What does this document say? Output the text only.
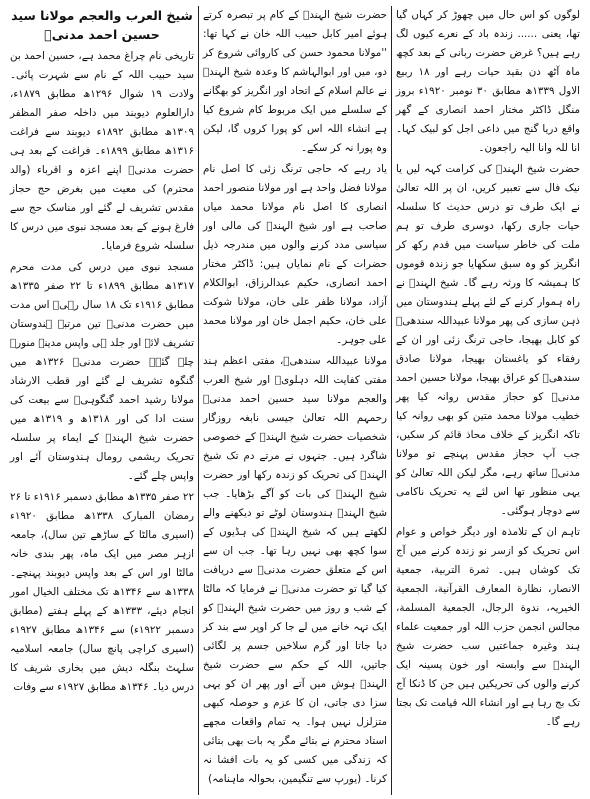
لوگوں کو اس حال میں چھوڑ کر کہاں گیا تھا، یعنی ...... زندہ باد کے نعرے کیوں لگ رہے ہیں؟ غرض حضرت ربانی کے بعد کچھ ماہ آٹھ دن بقید حیات رہے اور ۱۸ ربیع الاول ۱۳۳۹ھ مطابق ۳۰ نومبر ۱۹۲۰ء بروز منگل ڈاکٹر مختار احمد انصاری کے گھر واقع دریا گنج میں داعی اجل کو لبیک کہا۔ انا للہ وانا الیہ راجعون۔

حضرت شیخ الہندؒ کی کرامت کہہ لیں یا نیک فال سے تعبیر کریں، ان پر اللہ تعالیٰ نے ایک طرف تو درس حدیث کا سلسلہ حیات جاری رکھا، دوسری طرف تو ہم ملت کی خاطر سیاست میں قدم رکھ کر انگریز کو وہ سبق سکھایا جو زندہ قوموں کا ہمیشہ کا ورثہ رہے گا۔ شیخ الہندؒ نے راہ ہموار کرنے کے لئے پہلے ہندوستان میں ذہن سازی کی پھر مولانا عبیداللہ سندھیؒ کو کابل بھیجا، حاجی ترنگ زئی اور ان کے رفقاء کو یاغستان بھیجا، مولانا صادق سندھیؒ کو عراق بھیجا، مولانا حسین احمد مدنیؒ کو حجاز مقدس روانہ کیا پھر خطیب مولانا محمد متین کو بھی روانہ کیا تاکہ انگریز کے خلاف محاذ قائم کر سکیں، جب آپ حجاز مقدس پہنچے تو مولانا مدنیؒ ساتھ رہے، مگر لیکن اللہ تعالیٰ کو یہی منظور تھا اس لئے یہ تحریک ناکامی سے دوچار ہوگئی۔

تاہم ان کے تلامذہ اور دیگر خواص و عوام اس تحریک کو ازسر نو زندہ کرنے میں آج تک کوشاں ہیں۔ ثمرة التربیة، جمعیة الانصار، نظارة المعارف القرآنیة، الجمعیة الخیریہ، ندوة الرجال، الجمعیة المسلمة، مجالس انجمن حزب اللہ اور جمعیت علماء ہند وغیرہ جماعتیں سب حضرت شیخ الہندؒ سے وابستہ اور خون پسینہ ایک کرنے والوں کی تحریکیں ہیں جن کا ڈنکا آج تک بج رہا ہے اور انشاء اللہ قیامت تک بجتا رہے گا۔

حضرت شیخ الہندؒ کے کام پر تبصرہ کرتے ہوئے امیر کابل حبیب اللہ خان نے کہا تھا: ''مولانا محمود حسن کی کاروائی شروع کر دو، میں اور ابوالہاشم کا وعدہ شیخ الہندؒ نے عالم اسلام کے اتحاد اور انگریز کو بھگانے کے سلسلے میں ایک مربوط کام شروع کیا ہے انشاء اللہ اس کو پورا کروں گا، لیکن وہ پورا نہ کر سکے۔

یاد رہے کہ حاجی ترنگ زئی کا اصل نام مولانا فضل واحد ہے اور مولانا منصور احمد انصاری کا اصل نام مولانا محمد میاں صاحب ہے اور شیخ الہندؒ کی مالی اور سیاسی مدد کرنے والوں میں مندرجہ ذیل حضرات کے نام نمایاں ہیں: ڈاکٹر مختار احمد انصاری، حکیم عبدالرزاق، ابوالکلام آزاد، مولانا ظفر علی خان، مولانا شوکت علی خان، حکیم اجمل خان اور مولانا محمد علی جوہر۔

مولانا عبیداللہ سندھیؒ، مفتی اعظم ہند مفتی کفایت اللہ دہلویؒ اور شیخ العرب والعجم مولانا سید حسین احمد مدنیؒ رحمہم اللہ تعالیٰ جیسی نابغہ روزگار شخصیات حضرت شیخ الہندؒ کے خصوصی شاگرد ہیں۔ جنہوں نے مرتے دم تک شیخ الہندؒ کی تحریک کو زندہ رکھا اور حضرت شیخ الہندؒ کی بات کو آگے بڑھایا۔ جب شیخ الہندؒ ہندوستان لوٹے تو دیکھنے والے لکھتے ہیں کہ شیخ الہندؒ کی ہڈیوں کے سوا کچھ بھی نہیں رہا تھا۔ جب ان سے اس کے متعلق حضرت مدنیؒ سے دریافت کیا گیا تو حضرت مدنیؒ نے فرمایا کہ مالٹا کے شب و روز میں حضرت شیخ الہندؒ کو ایک تہہ خانے میں لے جا کر اوپر سے بند کر دیا جاتا اور گرم سلاخیں جسم پر لگائی جاتیں، اللہ کے حکم سے حضرت شیخ الہندؒ ہوش میں آتے اور پھر ان کو یہی سزا دی جاتی، ان کا عزم و حوصلہ کبھی متزلزل نہیں ہوا۔ یہ تمام واقعات مجھے استاد محترم نے بتائے مگر یہ بات بھی بتائی کہ زندگی میں کسی کو یہ بات افشا نہ کرنا۔ (یورپ سے تنگیمین، بحوالہ ماہنامہ)

شیخ العرب والعجم مولانا سید حسین احمد مدنیؒ

تاریخی نام چراغ محمد ہے، حسین احمد بن سید حبیب اللہ کے نام سے شہرت پائی۔ ولادت ۱۹ شوال ۱۲۹۶ھ مطابق ۱۸۷۹ء، دارالعلوم دیوبند میں داخلہ صفر المظفر ۱۳۰۹ھ مطابق ۱۸۹۲ء دیوبند سے فراغت ۱۳۱۶ھ مطابق ۱۸۹۹ء۔ فراغت کے بعد ہی حضرت مدنیؒ اپنے اعزہ و اقرباء (والد محترم) کی معیت میں بغرض حج حجاز مقدس تشریف لے گئے اور مناسک حج سے فارغ ہونے کے بعد مسجد نبوی میں درس کا سلسلہ شروع فرمایا۔

مسجد نبوی میں درس کی مدت محرم ۱۳۱۷ھ مطابق ۱۸۹۹ء تا ۲۲ صفر ۱۳۳۵ھ مطابق ۱۹۱۶ء تک ۱۸ سال رہی۔ اس مدت میں حضرت مدنیؒ تین مرتبہ ہندوستان تشریف لائے اور جلد ہی واپس مدینہ منورہ چلے گئے۔ حضرت مدنیؒ ۱۳۲۶ھ میں گنگوہ تشریف لے گئے اور قطب الارشاد مولانا رشید احمد گنگوہیؒ سے بیعت کی سنت ادا کی اور ۱۳۱۸ھ و ۱۳۱۹ھ میں حضرت شیخ الہندؒ کے ایماء پر سلسلہ تحریک ریشمی رومال ہندوستان آئے اور واپس چلے گئے۔

۲۲ صفر ۱۳۳۵ھ مطابق دسمبر ۱۹۱۶ء تا ۲۶ رمضان المبارک ۱۳۳۸ھ مطابق ۱۹۲۰ء (اسیری مالٹا کے ساڑھے تین سال)، جامعہ ازہر مصر میں ایک ماہ، پھر بندی خانہ مالٹا اور اس کے بعد واپس دیوبند پہنچے۔ ۱۳۳۸ھ سے ۱۳۴۶ھ تک مختلف الخیال امور انجام دیئے، ۱۳۳۳ھ کے پہلے ہفتے (مطابق دسمبر ۱۹۲۲ء) سے ۱۳۴۶ھ مطابق ۱۹۲۷ء (اسیری کراچی پانچ سال) جامعہ اسلامیہ سلہٹ بنگلہ دیش میں بخاری شریف کا درس دیا۔ ۱۳۴۶ھ مطابق ۱۹۲۷ء سے وفات
